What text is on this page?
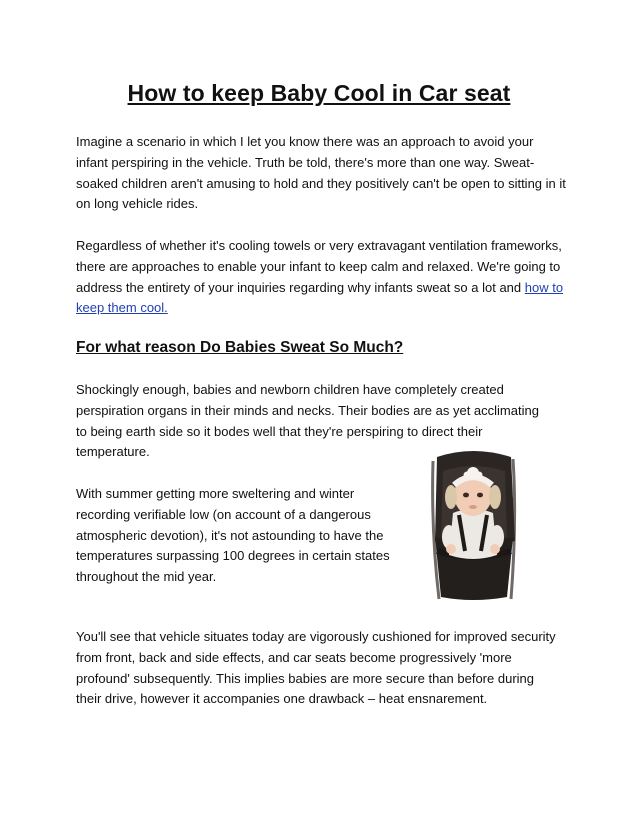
How to keep Baby Cool in Car seat

Imagine a scenario in which I let you know there was an approach to avoid your infant perspiring in the vehicle. Truth be told, there's more than one way. Sweat-soaked children aren't amusing to hold and they positively can't be open to sitting in it on long vehicle rides.

Regardless of whether it's cooling towels or very extravagant ventilation frameworks, there are approaches to enable your infant to keep calm and relaxed. We're going to address the entirety of your inquiries regarding why infants sweat so a lot and how to keep them cool.

For what reason Do Babies Sweat So Much?

Shockingly enough, babies and newborn children have completely created perspiration organs in their minds and necks. Their bodies are as yet acclimating to being earth side so it bodes well that they're perspiring to direct their temperature.

With summer getting more sweltering and winter recording verifiable low (on account of a dangerous atmospheric devotion), it's not astounding to have the temperatures surpassing 100 degrees in certain states throughout the mid year.

You'll see that vehicle situates today are vigorously cushioned for improved security from front, back and side effects, and car seats become progressively 'more profound' subsequently. This implies babies are more secure than before during their drive, however it accompanies one drawback – heat ensnarement.
